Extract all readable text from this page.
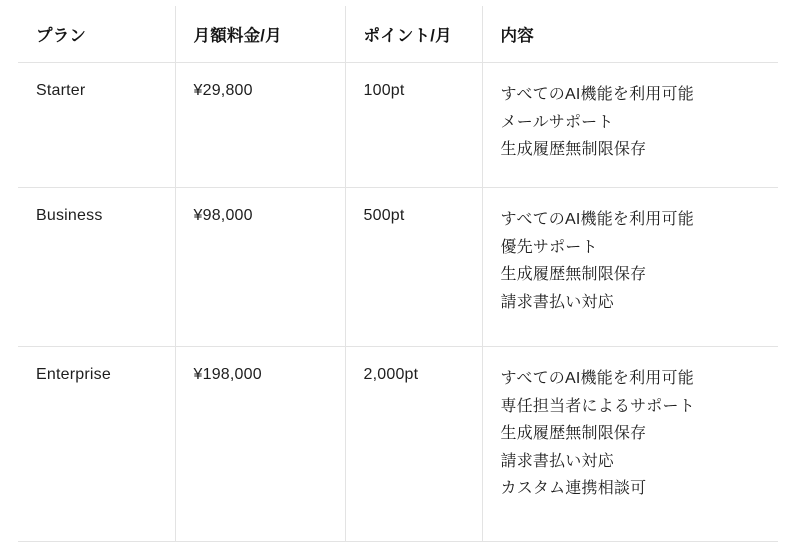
プラン	月額料金/月	ポイント/月	内容

Starter	¥29,800	100pt	すべてのAI機能を利用可能
メールサポート
生成履歴無制限保存

Business	¥98,000	500pt	すべてのAI機能を利用可能
優先サポート
生成履歴無制限保存
請求書払い対応

Enterprise	¥198,000	2,000pt	すべてのAI機能を利用可能
専任担当者によるサポート
生成履歴無制限保存
請求書払い対応
カスタム連携相談可
